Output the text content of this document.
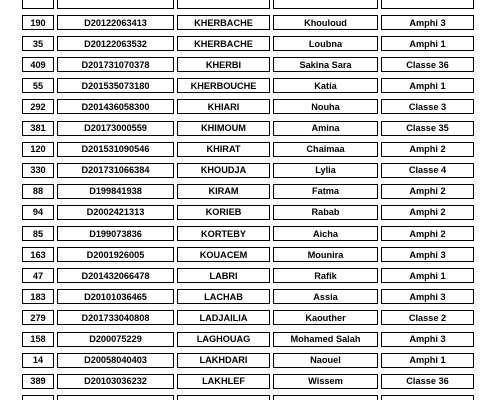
190	D20122063413	KHERBACHE	Khouloud	Amphi 3
35	D20122063532	KHERBACHE	Loubna	Amphi 1
409	D201731070378	KHERBI	Sakina Sara	Classe 36
55	D201535073180	KHERBOUCHE	Katia	Amphi 1
292	D201436058300	KHIARI	Nouha	Classe 3
381	D20173000559	KHIMOUM	Amina	Classe 35
120	D201531090546	KHIRAT	Chaimaa	Amphi 2
330	D201731066384	KHOUDJA	Lylia	Classe 4
88	D199841938	KIRAM	Fatma	Amphi 2
94	D2002421313	KORIEB	Rabab	Amphi 2
85	D199073836	KORTEBY	Aicha	Amphi 2
163	D2001926005	KOUACEM	Mounira	Amphi 3
47	D201432066478	LABRI	Rafik	Amphi 1
183	D20101036465	LACHAB	Assia	Amphi 3
279	D201733040808	LADJAILIA	Kaouther	Classe 2
158	D200075229	LAGHOUAG	Mohamed Salah	Amphi 3
14	D20058040403	LAKHDARI	Naouel	Amphi 1
389	D20103036232	LAKHLEF	Wissem	Classe 36
